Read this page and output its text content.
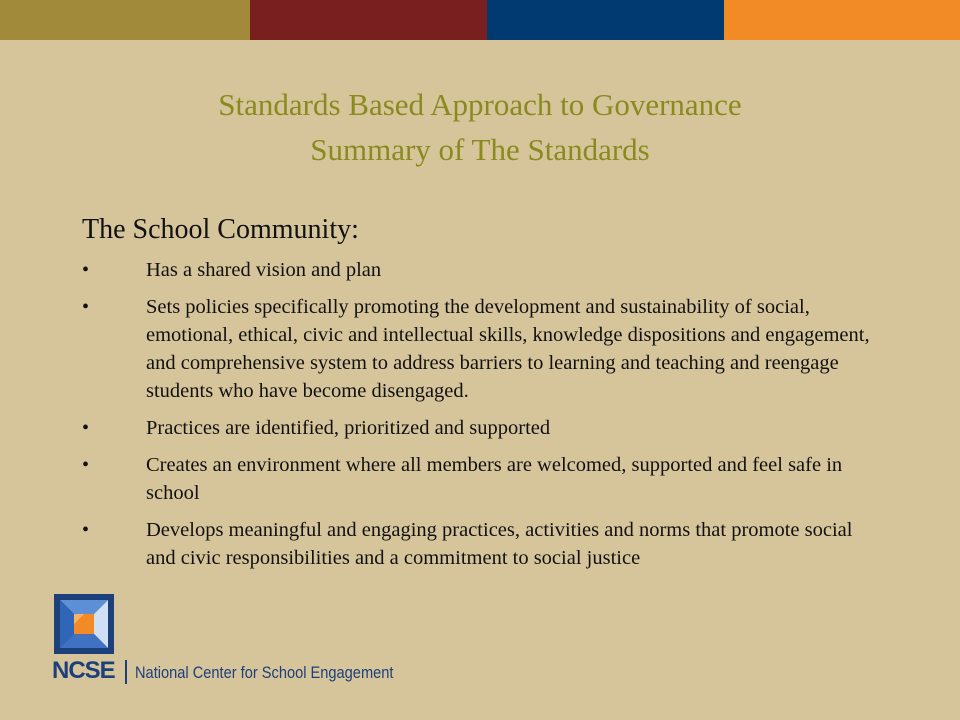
Standards Based Approach to Governance
Summary of The Standards
The School Community:
•	Has a shared vision and plan
•	Sets policies specifically promoting the development and sustainability of social, emotional, ethical, civic and intellectual skills, knowledge dispositions and engagement, and comprehensive system to address barriers to learning and teaching and reengage students who have become disengaged.
•	Practices are identified, prioritized and supported
•	Creates an environment where all members are welcomed, supported and feel safe in school
•	Develops meaningful and engaging practices, activities and norms that promote social and civic responsibilities and a commitment to social justice
NCSE National Center for School Engagement
